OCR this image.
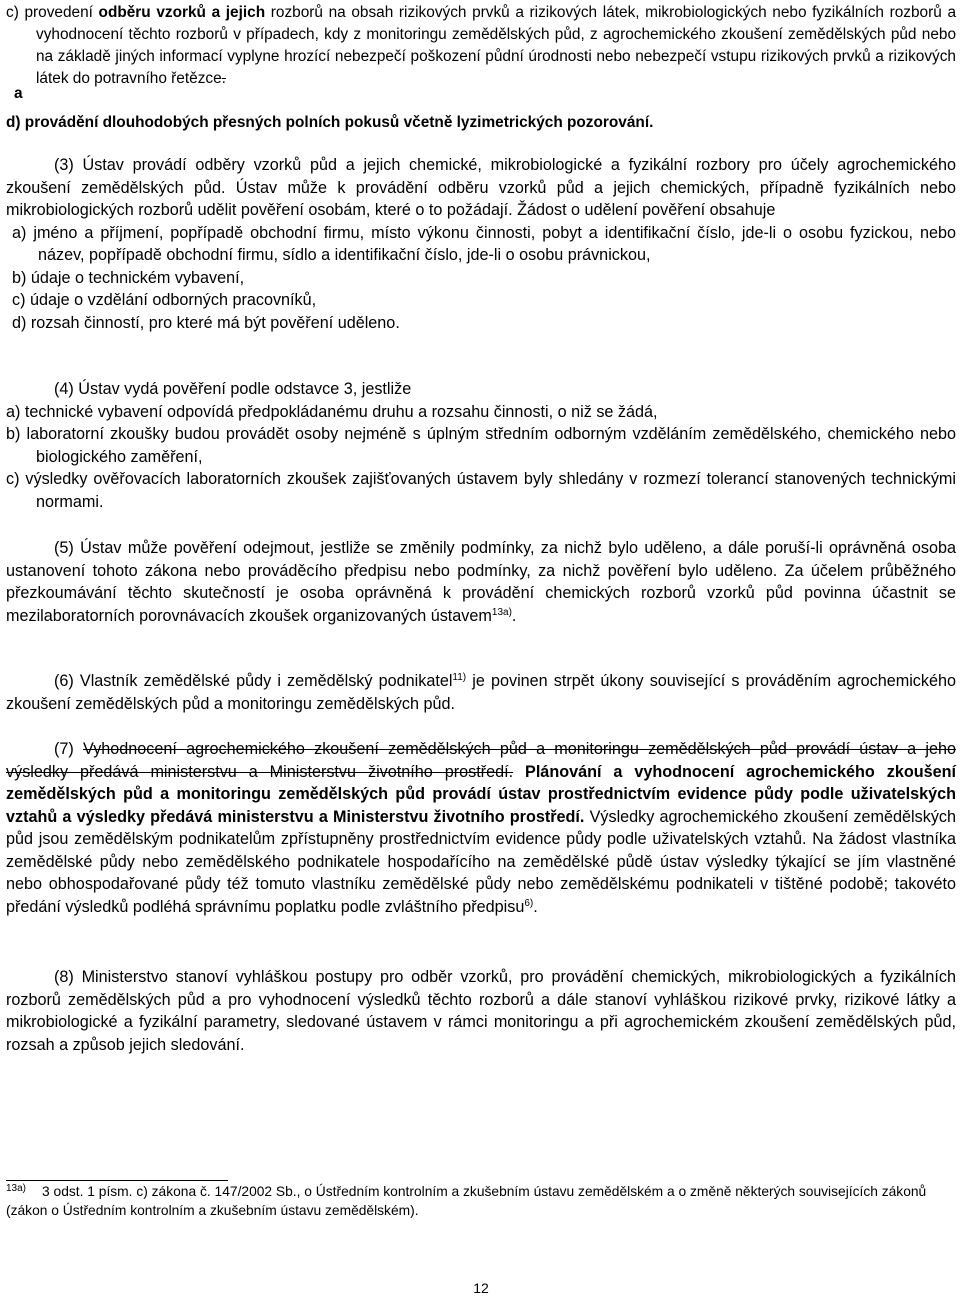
c) provedení odběru vzorků a jejich rozborů na obsah rizikových prvků a rizikových látek, mikrobiologických nebo fyzikálních rozborů a vyhodnocení těchto rozborů v případech, kdy z monitoringu zemědělských půd, z agrochemického zkoušení zemědělských půd nebo na základě jiných informací vyplyne hrozící nebezpečí poškození půdní úrodnosti nebo nebezpečí vstupu rizikových prvků a rizikových látek do potravního řetězce.
a
d) provádění dlouhodobých přesných polních pokusů včetně lyzimetrických pozorování.
(3) Ústav provádí odběry vzorků půd a jejich chemické, mikrobiologické a fyzikální rozbory pro účely agrochemického zkoušení zemědělských půd. Ústav může k provádění odběru vzorků půd a jejich chemických, případně fyzikálních nebo mikrobiologických rozborů udělit pověření osobám, které o to požádají. Žádost o udělení pověření obsahuje
a) jméno a příjmení, popřípadě obchodní firmu, místo výkonu činnosti, pobyt a identifikační číslo, jde-li o osobu fyzickou, nebo název, popřípadě obchodní firmu, sídlo a identifikační číslo, jde-li o osobu právnickou,
b) údaje o technickém vybavení,
c) údaje o vzdělání odborných pracovníků,
d) rozsah činností, pro které má být pověření uděleno.
(4) Ústav vydá pověření podle odstavce 3, jestliže
a) technické vybavení odpovídá předpokládanému druhu a rozsahu činnosti, o niž se žádá,
b) laboratorní zkoušky budou provádět osoby nejméně s úplným středním odborným vzděláním zemědělského, chemického nebo biologického zaměření,
c) výsledky ověřovacích laboratorních zkoušek zajišťovaných ústavem byly shledány v rozmezí tolerancí stanovených technickými normami.
(5) Ústav může pověření odejmout, jestliže se změnily podmínky, za nichž bylo uděleno, a dále poruší-li oprávněná osoba ustanovení tohoto zákona nebo prováděcího předpisu nebo podmínky, za nichž pověření bylo uděleno. Za účelem průběžného přezkoumávání těchto skutečností je osoba oprávněná k provádění chemických rozborů vzorků půd povinna účastnit se mezilaboratorních porovnávacích zkoušek organizovaných ústavem$^{13a)}$.
(6) Vlastník zemědělské půdy i zemědělský podnikatel$^{11)}$ je povinen strpět úkony související s prováděním agrochemického zkoušení zemědělských půd a monitoringu zemědělských půd.
(7) Vyhodnocení agrochemického zkoušení zemědělských půd a monitoringu zemědělských půd provádí ústav a jeho výsledky předává ministerstvu a Ministerstvu životního prostředí. Plánování a vyhodnocení agrochemického zkoušení zemědělských půd a monitoringu zemědělských půd provádí ústav prostřednictvím evidence půdy podle uživatelských vztahů a výsledky předává ministerstvu a Ministerstvu životního prostředí. Výsledky agrochemického zkoušení zemědělských půd jsou zemědělským podnikatelům zpřístupněny prostřednictvím evidence půdy podle uživatelských vztahů. Na žádost vlastníka zemědělské půdy nebo zemědělského podnikatele hospodařícího na zemědělské půdě ústav výsledky týkající se jím vlastněné nebo obhospodařované půdy též tomuto vlastníku zemědělské půdy nebo zemědělskému podnikateli v tištěné podobě; takovéto předání výsledků podléhá správnímu poplatku podle zvláštního předpisu$^{6)}$.
(8) Ministerstvo stanoví vyhláškou postupy pro odběr vzorků, pro provádění chemických, mikrobiologických a fyzikálních rozborů zemědělských půd a pro vyhodnocení výsledků těchto rozborů a dále stanoví vyhláškou rizikové prvky, rizikové látky a mikrobiologické a fyzikální parametry, sledované ústavem v rámci monitoringu a při agrochemickém zkoušení zemědělských půd, rozsah a způsob jejich sledování.
$^{13a)}$ 3 odst. 1 písm. c) zákona č. 147/2002 Sb., o Ústředním kontrolním a zkušebním ústavu zemědělském a o změně některých souvisejících zákonů (zákon o Ústředním kontrolním a zkušebním ústavu zemědělském).
12
